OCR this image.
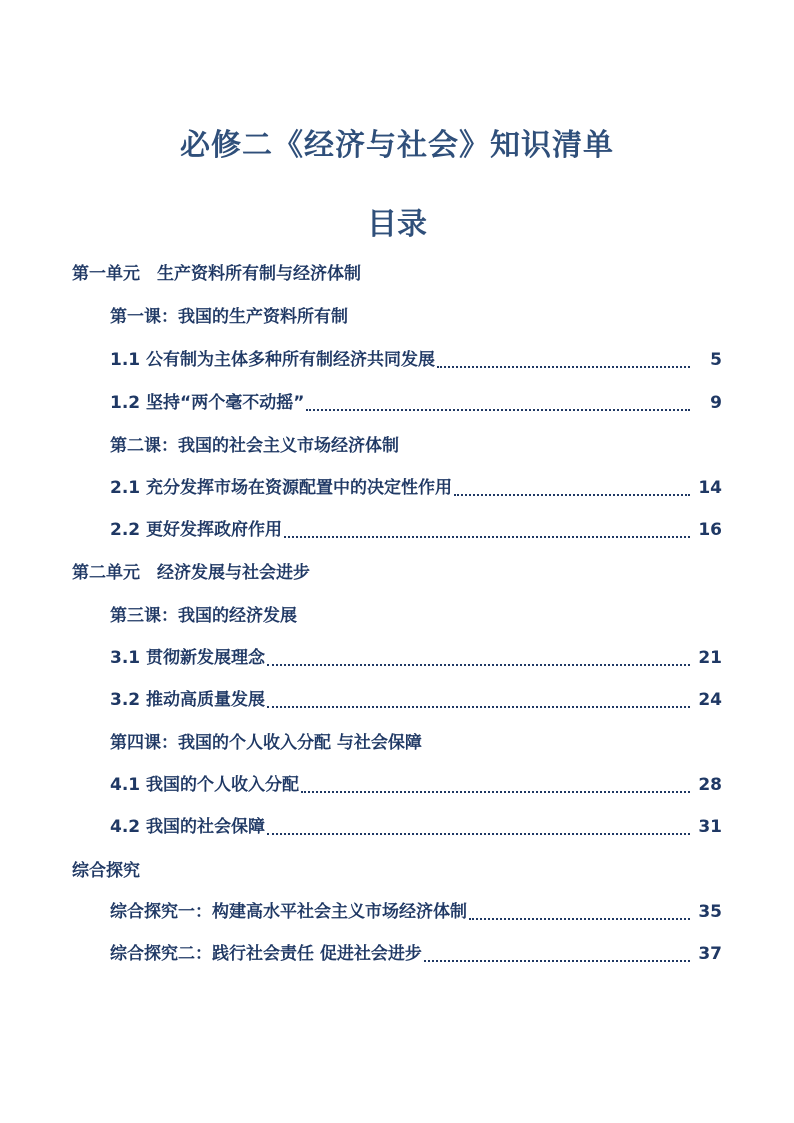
必修二《经济与社会》知识清单
目录
第一单元　生产资料所有制与经济体制
第一课：我国的生产资料所有制
1.1 公有制为主体多种所有制经济共同发展	5
1.2 坚持“两个毫不动摇”	9
第二课：我国的社会主义市场经济体制
2.1 充分发挥市场在资源配置中的决定性作用	14
2.2 更好发挥政府作用	16
第二单元　经济发展与社会进步
第三课：我国的经济发展
3.1 贯彻新发展理念	21
3.2 推动高质量发展	24
第四课：我国的个人收入分配 与社会保障
4.1 我国的个人收入分配	28
4.2 我国的社会保障	31
综合探究
综合探究一：构建高水平社会主义市场经济体制	35
综合探究二：践行社会责任 促进社会进步	37
